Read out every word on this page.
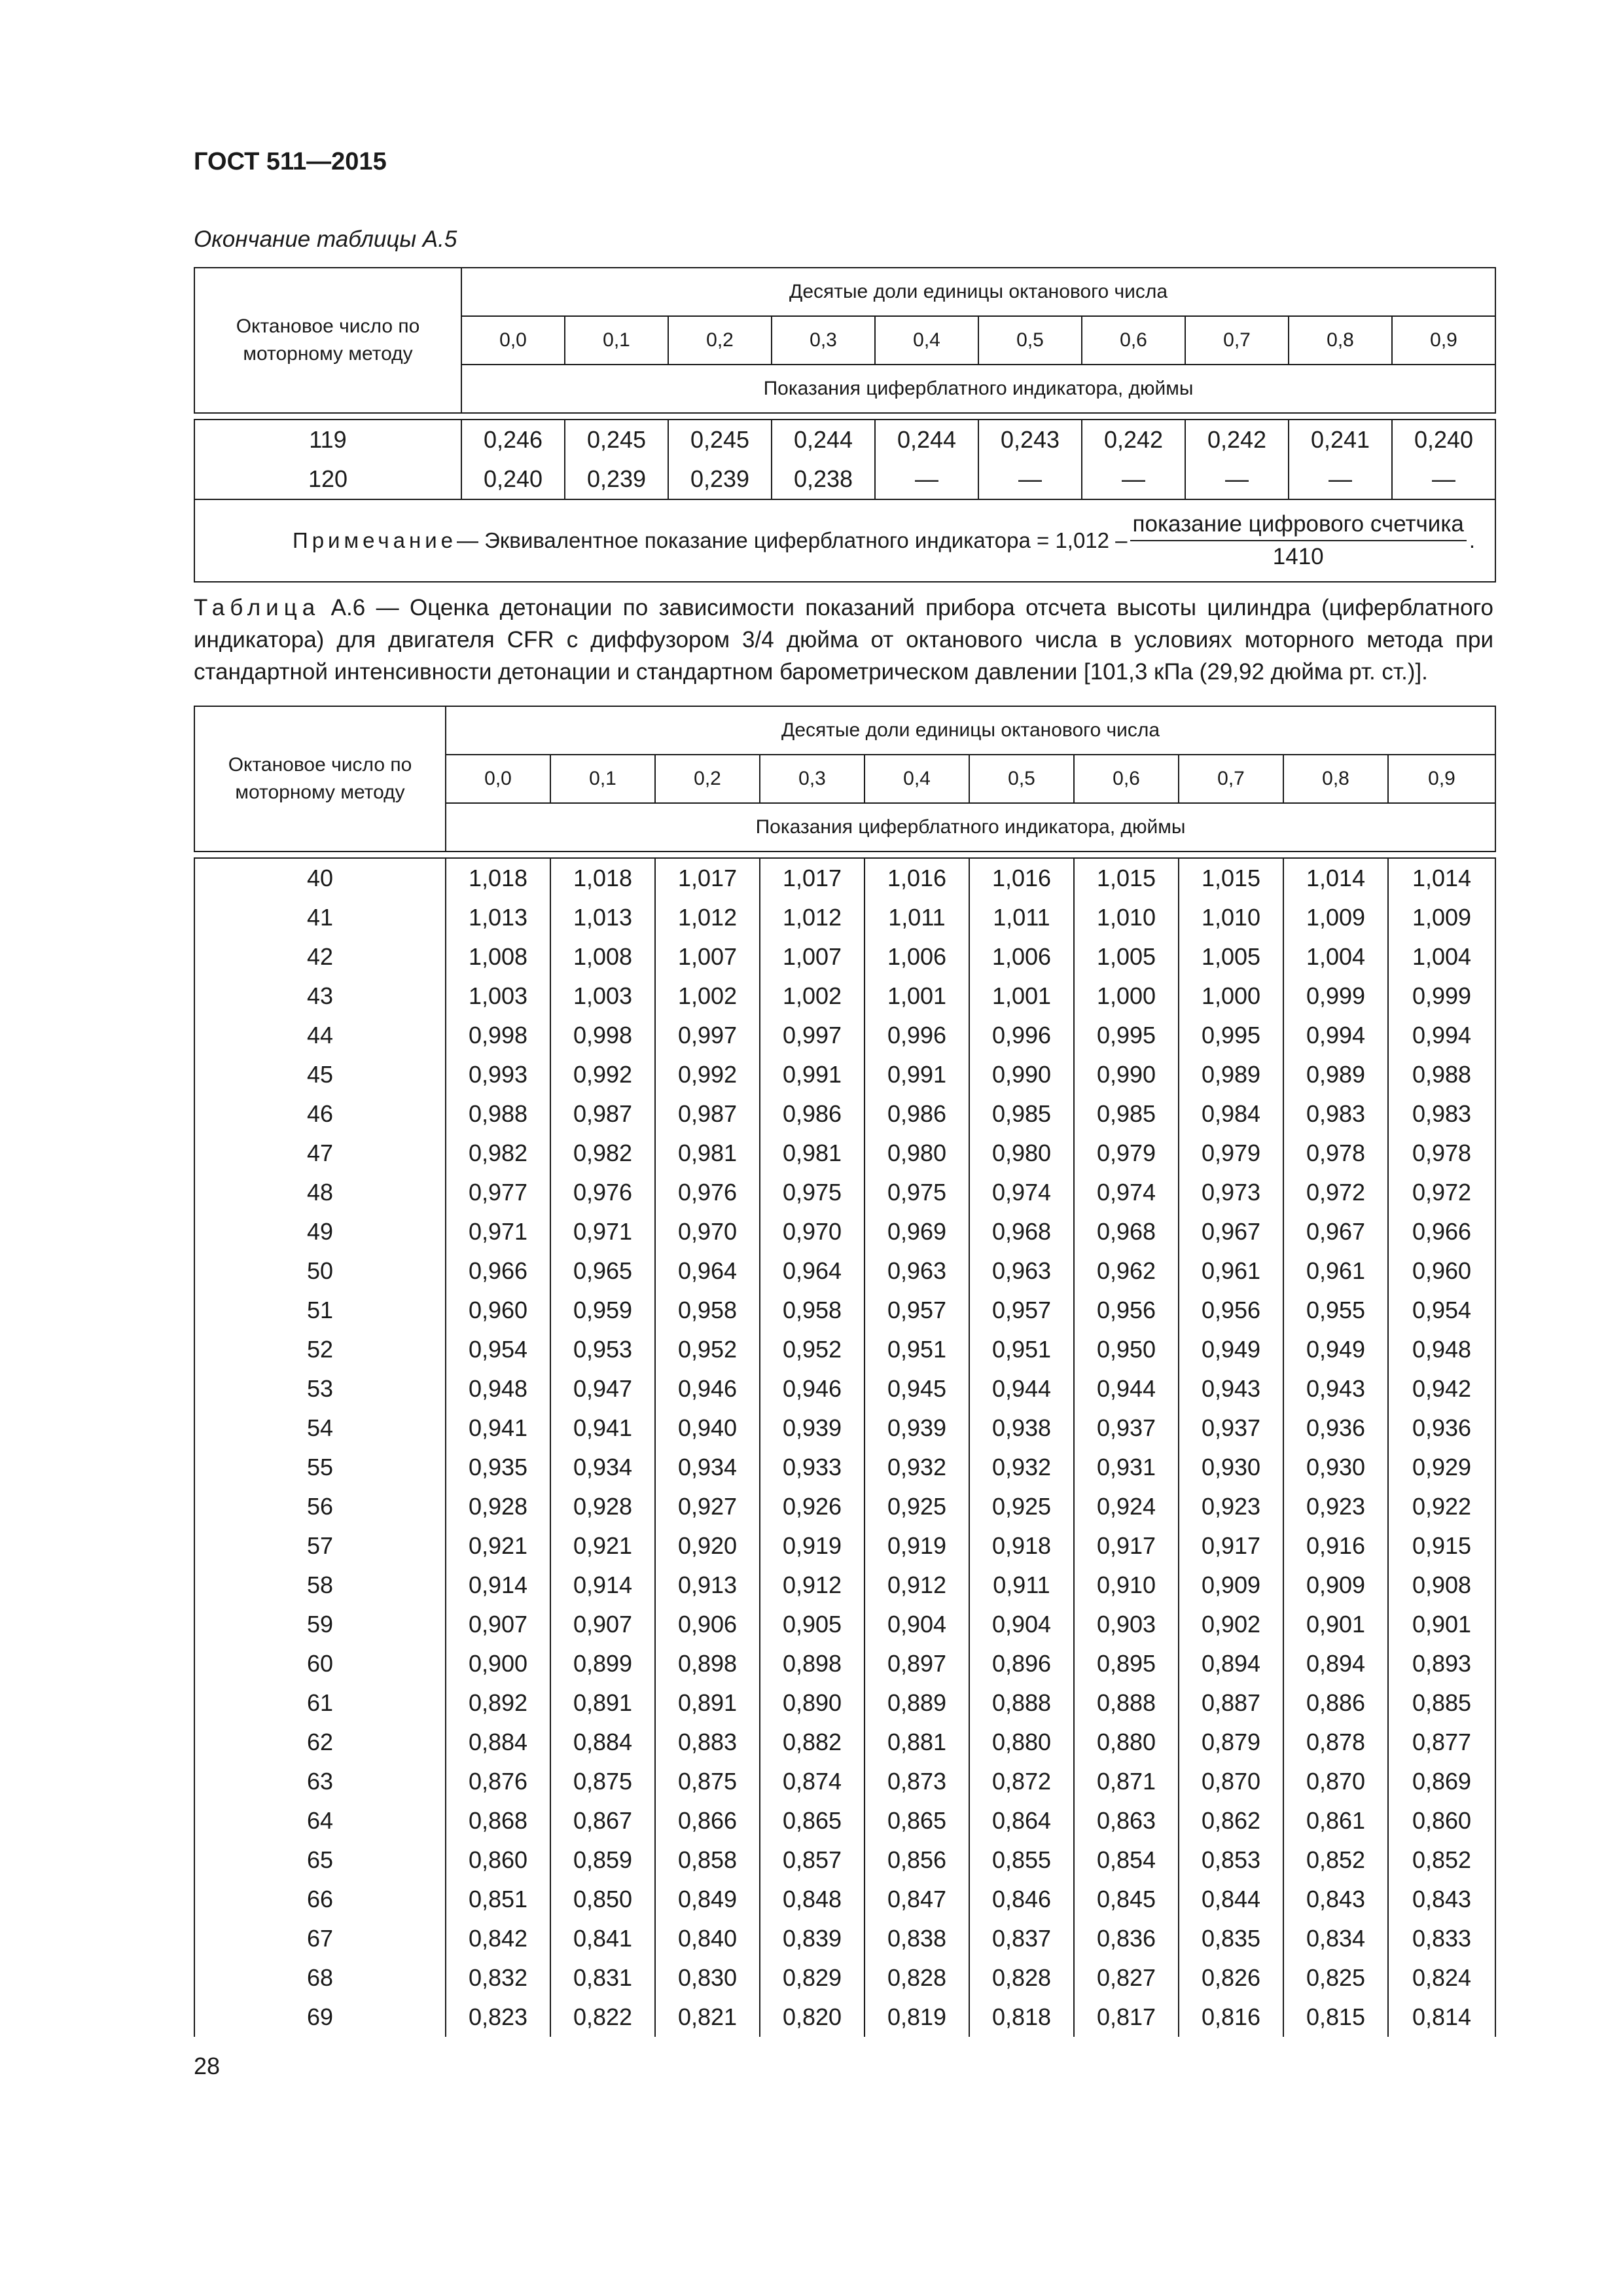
ГОСТ 511—2015
Окончание таблицы А.5
Октановое число по моторному методу	Десятые доли единицы октанового числа									
	0,0	0,1	0,2	0,3	0,4	0,5	0,6	0,7	0,8	0,9
	Показания циферблатного индикатора, дюймы									

119	0,246	0,245	0,245	0,244	0,244	0,243	0,242	0,242	0,241	0,240
120	0,240	0,239	0,239	0,238	—	—	—	—	—	—

Примечание — Эквивалентное показание циферблатного индикатора = $1,012 - \frac{\text{показание цифрового счетчика}}{1410}$ .										
Таблица А.6 — Оценка детонации по зависимости показаний прибора отсчета высоты цилиндра (циферблатного индикатора) для двигателя CFR с диффузором 3/4 дюйма от октанового числа в условиях моторного метода при стандартной интенсивности детонации и стандартном барометрическом давлении [101,3 кПа (29,92 дюйма рт. ст.)].
Октановое число по моторному методу	Десятые доли единицы октанового числа									
	0,0	0,1	0,2	0,3	0,4	0,5	0,6	0,7	0,8	0,9
	Показания циферблатного индикатора, дюймы									

40	1,018	1,018	1,017	1,017	1,016	1,016	1,015	1,015	1,014	1,014
41	1,013	1,013	1,012	1,012	1,011	1,011	1,010	1,010	1,009	1,009
42	1,008	1,008	1,007	1,007	1,006	1,006	1,005	1,005	1,004	1,004
43	1,003	1,003	1,002	1,002	1,001	1,001	1,000	1,000	0,999	0,999
44	0,998	0,998	0,997	0,997	0,996	0,996	0,995	0,995	0,994	0,994
45	0,993	0,992	0,992	0,991	0,991	0,990	0,990	0,989	0,989	0,988
46	0,988	0,987	0,987	0,986	0,986	0,985	0,985	0,984	0,983	0,983
47	0,982	0,982	0,981	0,981	0,980	0,980	0,979	0,979	0,978	0,978
48	0,977	0,976	0,976	0,975	0,975	0,974	0,974	0,973	0,972	0,972
49	0,971	0,971	0,970	0,970	0,969	0,968	0,968	0,967	0,967	0,966
50	0,966	0,965	0,964	0,964	0,963	0,963	0,962	0,961	0,961	0,960
51	0,960	0,959	0,958	0,958	0,957	0,957	0,956	0,956	0,955	0,954
52	0,954	0,953	0,952	0,952	0,951	0,951	0,950	0,949	0,949	0,948
53	0,948	0,947	0,946	0,946	0,945	0,944	0,944	0,943	0,943	0,942
54	0,941	0,941	0,940	0,939	0,939	0,938	0,937	0,937	0,936	0,936
55	0,935	0,934	0,934	0,933	0,932	0,932	0,931	0,930	0,930	0,929
56	0,928	0,928	0,927	0,926	0,925	0,925	0,924	0,923	0,923	0,922
57	0,921	0,921	0,920	0,919	0,919	0,918	0,917	0,917	0,916	0,915
58	0,914	0,914	0,913	0,912	0,912	0,911	0,910	0,909	0,909	0,908
59	0,907	0,907	0,906	0,905	0,904	0,904	0,903	0,902	0,901	0,901
60	0,900	0,899	0,898	0,898	0,897	0,896	0,895	0,894	0,894	0,893
61	0,892	0,891	0,891	0,890	0,889	0,888	0,888	0,887	0,886	0,885
62	0,884	0,884	0,883	0,882	0,881	0,880	0,880	0,879	0,878	0,877
63	0,876	0,875	0,875	0,874	0,873	0,872	0,871	0,870	0,870	0,869
64	0,868	0,867	0,866	0,865	0,865	0,864	0,863	0,862	0,861	0,860
65	0,860	0,859	0,858	0,857	0,856	0,855	0,854	0,853	0,852	0,852
66	0,851	0,850	0,849	0,848	0,847	0,846	0,845	0,844	0,843	0,843
67	0,842	0,841	0,840	0,839	0,838	0,837	0,836	0,835	0,834	0,833
68	0,832	0,831	0,830	0,829	0,828	0,828	0,827	0,826	0,825	0,824
69	0,823	0,822	0,821	0,820	0,819	0,818	0,817	0,816	0,815	0,814
28
